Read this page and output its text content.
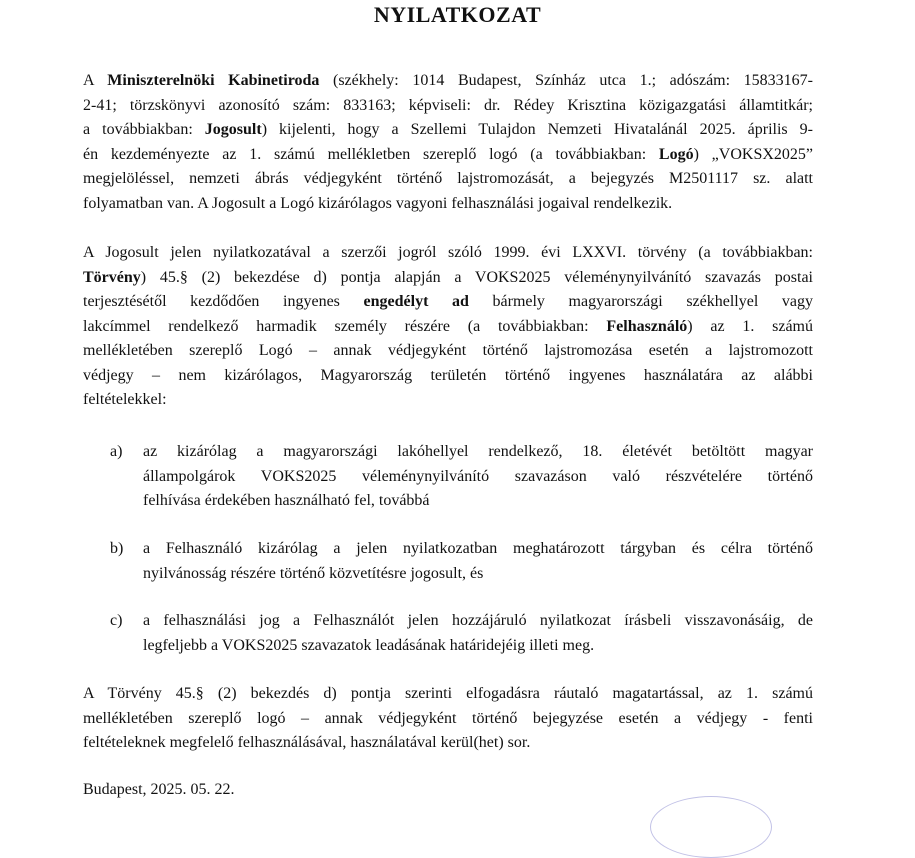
NYILATKOZAT
A Miniszterelnöki Kabinetiroda (székhely: 1014 Budapest, Színház utca 1.; adószám: 15833167-
2-41; törzskönyvi azonosító szám: 833163; képviseli: dr. Rédey Krisztina közigazgatási államtitkár;
a továbbiakban: Jogosult) kijelenti, hogy a Szellemi Tulajdon Nemzeti Hivatalánál 2025. április 9-
én kezdeményezte az 1. számú mellékletben szereplő logó (a továbbiakban: Logó) „VOKSX2025”
megjelöléssel, nemzeti ábrás védjegyként történő lajstromozását, a bejegyzés M2501117 sz. alatt
folyamatban van. A Jogosult a Logó kizárólagos vagyoni felhasználási jogaival rendelkezik.
A Jogosult jelen nyilatkozatával a szerzői jogról szóló 1999. évi LXXVI. törvény (a továbbiakban:
Törvény) 45.§ (2) bekezdése d) pontja alapján a VOKS2025 véleménynyilvánító szavazás postai
terjesztésétől kezdődően ingyenes engedélyt ad bármely magyarországi székhellyel vagy
lakcímmel rendelkező harmadik személy részére (a továbbiakban: Felhasználó) az 1. számú
mellékletében szereplő Logó – annak védjegyként történő lajstromozása esetén a lajstromozott
védjegy – nem kizárólagos, Magyarország területén történő ingyenes használatára az alábbi
feltételekkel:
a) az kizárólag a magyarországi lakóhellyel rendelkező, 18. életévét betöltött magyar
állampolgárok VOKS2025 véleménynyilvánító szavazáson való részvételére történő
felhívása érdekében használható fel, továbbá
b) a Felhasználó kizárólag a jelen nyilatkozatban meghatározott tárgyban és célra történő
nyilvánosság részére történő közvetítésre jogosult, és
c) a felhasználási jog a Felhasználót jelen hozzájáruló nyilatkozat írásbeli visszavonásáig, de
legfeljebb a VOKS2025 szavazatok leadásának határidejéig illeti meg.
A Törvény 45.§ (2) bekezdés d) pontja szerinti elfogadásra ráutaló magatartással, az 1. számú
mellékletében szereplő logó – annak védjegyként történő bejegyzése esetén a védjegy - fenti
feltételeknek megfelelő felhasználásával, használatával kerül(het) sor.

Budapest, 2025. 05. 22.
